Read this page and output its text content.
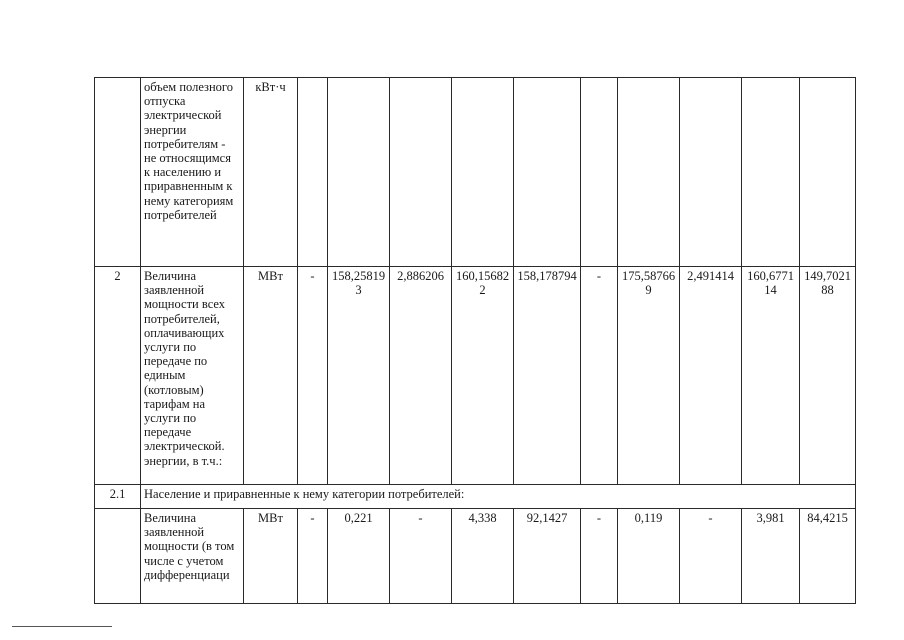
	объем полезного отпуска электрической энергии потребителям - не относящимся к населению и приравненным к нему категориям потребителей	кВт·ч										
2	Величина заявленной мощности всех потребителей, оплачивающих услуги по передаче по единым (котловым) тарифам на услуги по передаче электрической. энергии, в т.ч.:	МВт	-	158,258193	2,886206	160,156822	158,178794	-	175,587669	2,491414	160,677114	149,702188
2.1	Население и приравненные к нему категории потребителей:											
	Величина заявленной мощности (в том числе с учетом дифференциаци	МВт	-	0,221	-	4,338	92,1427	-	0,119	-	3,981	84,4215
